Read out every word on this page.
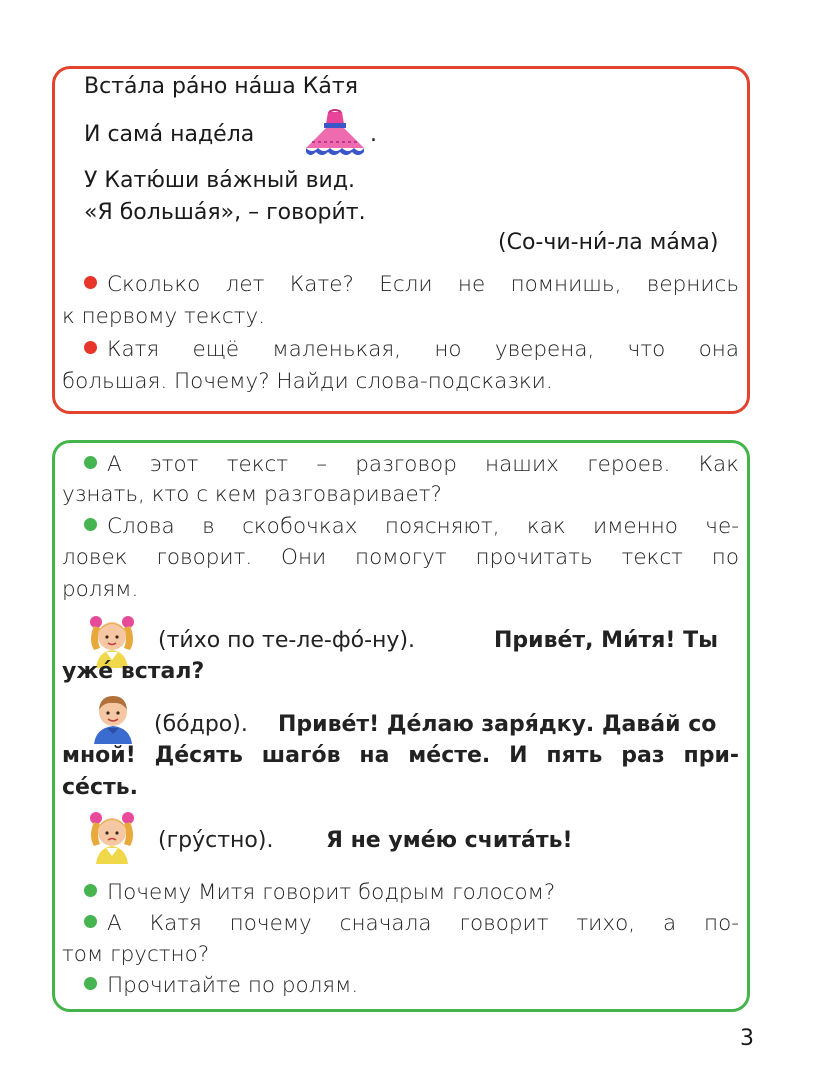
Вста́ла ра́но на́ша Ка́тя
И сама́ наде́ла	.
У Катю́ши ва́жный вид.
«Я больша́я», – говори́т.
(Со-чи-ни́-ла ма́ма)
Сколько лет Кате? Если не помнишь, вернись
к первому тексту.
Катя ещё маленькая, но уверена, что она
большая. Почему? Найди слова-подсказки.
А этот текст – разговор наших героев. Как
узнать, кто с кем разговаривает?
Слова в скобочках поясняют, как именно че-
ловек говорит. Они помогут прочитать текст по
ролям.
(ти́хо по те-ле-фо́-ну).	Приве́т, Ми́тя! Ты
уже́ встал?
(бо́дро). Приве́т! Де́лаю заря́дку. Дава́й со
мной! Де́сять шаго́в на ме́сте. И пять раз при-
се́сть.
(гру́стно). Я не уме́ю счита́ть!
Почему Митя говорит бодрым голосом?
А Катя почему сначала говорит тихо, а по-
том грустно?
Прочитайте по ролям.
3
